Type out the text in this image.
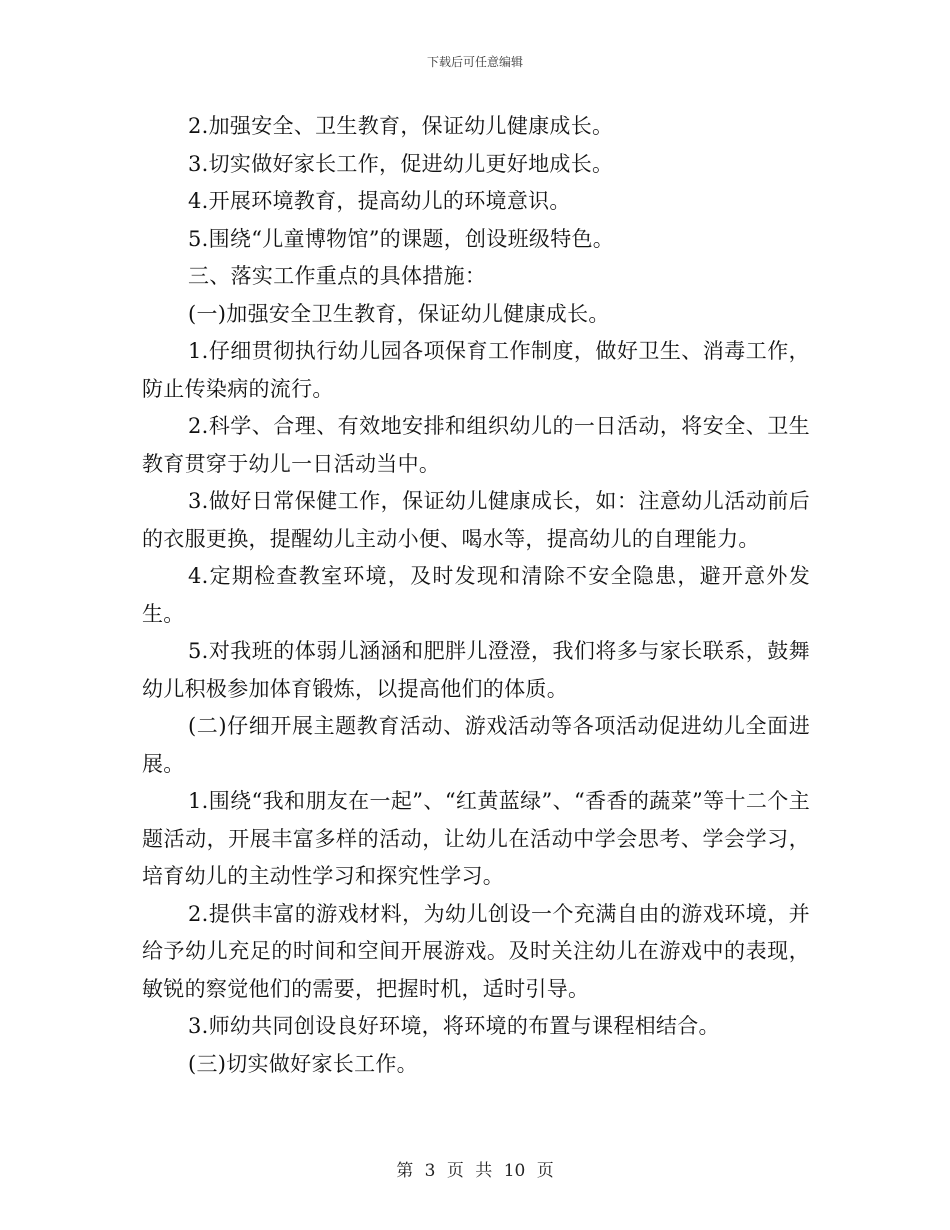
下载后可任意编辑

2.加强安全、卫生教育，保证幼儿健康成长。

3.切实做好家长工作，促进幼儿更好地成长。

4.开展环境教育，提高幼儿的环境意识。

5.围绕“儿童博物馆”的课题，创设班级特色。

三、落实工作重点的具体措施：

(一)加强安全卫生教育，保证幼儿健康成长。

1.仔细贯彻执行幼儿园各项保育工作制度，做好卫生、消毒工作，防止传染病的流行。

2.科学、合理、有效地安排和组织幼儿的一日活动，将安全、卫生教育贯穿于幼儿一日活动当中。

3.做好日常保健工作，保证幼儿健康成长，如：注意幼儿活动前后的衣服更换，提醒幼儿主动小便、喝水等，提高幼儿的自理能力。

4.定期检查教室环境，及时发现和清除不安全隐患，避开意外发生。

5.对我班的体弱儿涵涵和肥胖儿澄澄，我们将多与家长联系，鼓舞幼儿积极参加体育锻炼，以提高他们的体质。

(二)仔细开展主题教育活动、游戏活动等各项活动促进幼儿全面进展。

1.围绕“我和朋友在一起”、“红黄蓝绿”、“香香的蔬菜”等十二个主题活动，开展丰富多样的活动，让幼儿在活动中学会思考、学会学习，培育幼儿的主动性学习和探究性学习。

2.提供丰富的游戏材料，为幼儿创设一个充满自由的游戏环境，并给予幼儿充足的时间和空间开展游戏。及时关注幼儿在游戏中的表现，敏锐的察觉他们的需要，把握时机，适时引导。

3.师幼共同创设良好环境，将环境的布置与课程相结合。

(三)切实做好家长工作。

第 3 页 共 10 页
